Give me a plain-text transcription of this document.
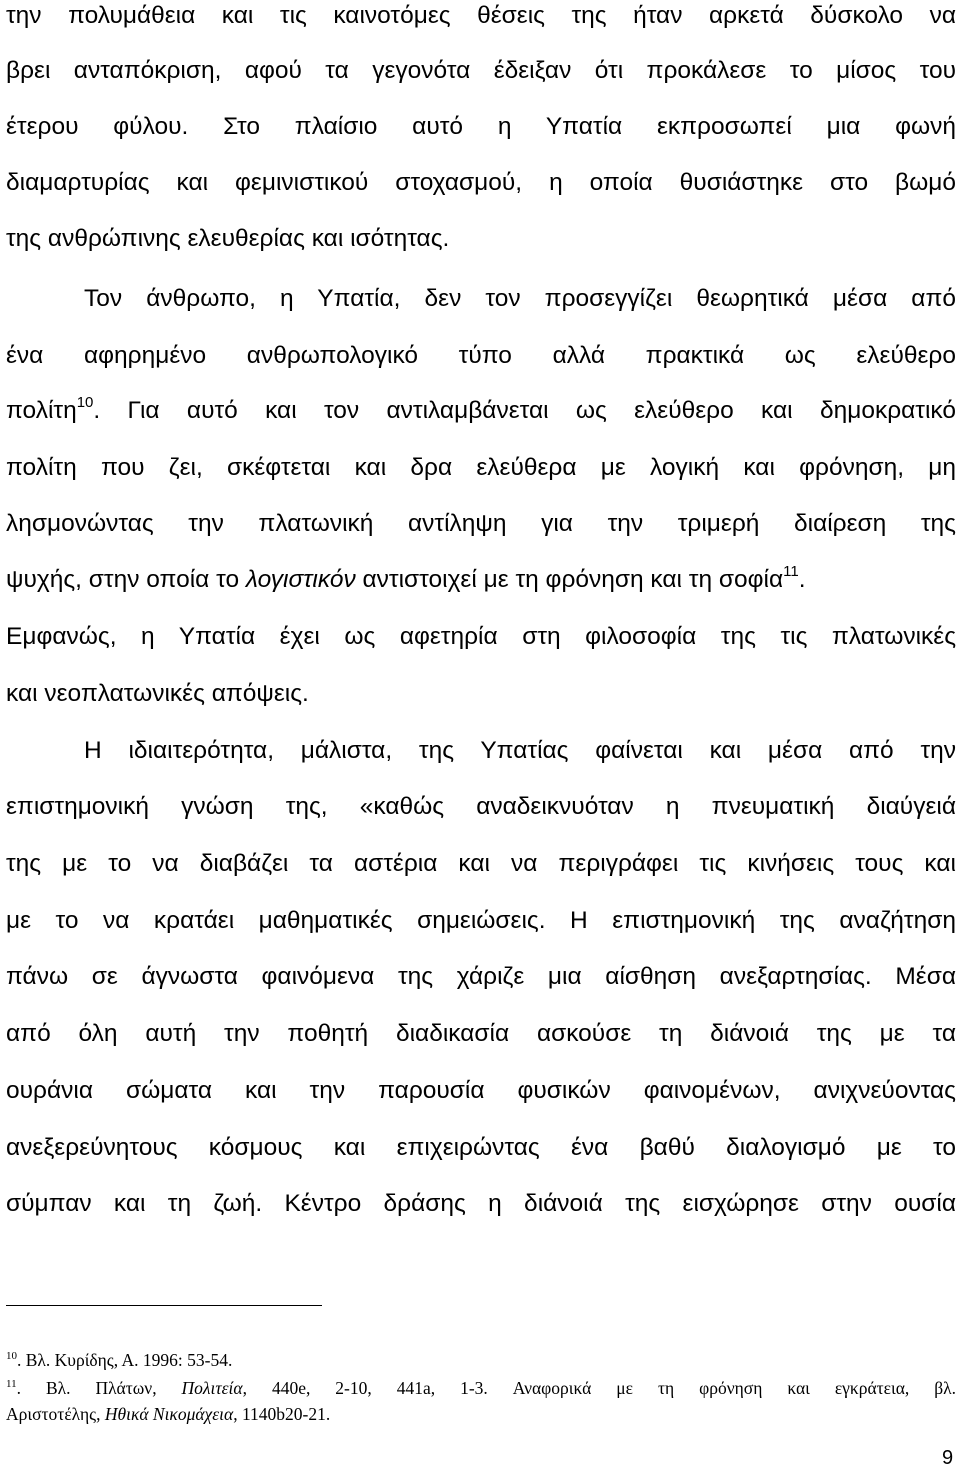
την πολυμάθεια και τις καινοτόμες θέσεις της ήταν αρκετά δύσκολο να
βρει ανταπόκριση, αφού τα γεγονότα έδειξαν ότι προκάλεσε το μίσος του
έτερου φύλου. Στο πλαίσιο αυτό η Υπατία εκπροσωπεί μια φωνή
διαμαρτυρίας και φεμινιστικού στοχασμού, η οποία θυσιάστηκε στο βωμό
της ανθρώπινης ελευθερίας και ισότητας.
Τον άνθρωπο, η Υπατία, δεν τον προσεγγίζει θεωρητικά μέσα από
ένα αφηρημένο ανθρωπολογικό τύπο αλλά πρακτικά ως ελεύθερο
πολίτη$^{10}$. Για αυτό και τον αντιλαμβάνεται ως ελεύθερο και δημοκρατικό
πολίτη που ζει, σκέφτεται και δρα ελεύθερα με λογική και φρόνηση, μη
λησμονώντας την πλατωνική αντίληψη για την τριμερή διαίρεση της
ψυχής, στην οποία το λογιστικόν αντιστοιχεί με τη φρόνηση και τη σοφία$^{11}$.
Εμφανώς, η Υπατία έχει ως αφετηρία στη φιλοσοφία της τις πλατωνικές
και νεοπλατωνικές απόψεις.
Η ιδιαιτερότητα, μάλιστα, της Υπατίας φαίνεται και μέσα από την
επιστημονική γνώση της, «καθώς αναδεικνυόταν η πνευματική διαύγειά
της με το να διαβάζει τα αστέρια και να περιγράφει τις κινήσεις τους και
με το να κρατάει μαθηματικές σημειώσεις. Η επιστημονική της αναζήτηση
πάνω σε άγνωστα φαινόμενα της χάριζε μια αίσθηση ανεξαρτησίας. Μέσα
από όλη αυτή την ποθητή διαδικασία ασκούσε τη διάνοιά της με τα
ουράνια σώματα και την παρουσία φυσικών φαινομένων, ανιχνεύοντας
ανεξερεύνητους κόσμους και επιχειρώντας ένα βαθύ διαλογισμό με το
σύμπαν και τη ζωή. Κέντρο δράσης η διάνοιά της εισχώρησε στην ουσία
$^{10}$. Βλ. Κυρίδης, Α. 1996: 53-54.
$^{11}$. Βλ. Πλάτων, Πολιτεία, 440e, 2-10, 441a, 1-3. Αναφορικά με τη φρόνηση και εγκράτεια, βλ.
Αριστοτέλης, Ηθικά Νικομάχεια, 1140b20-21.
9
